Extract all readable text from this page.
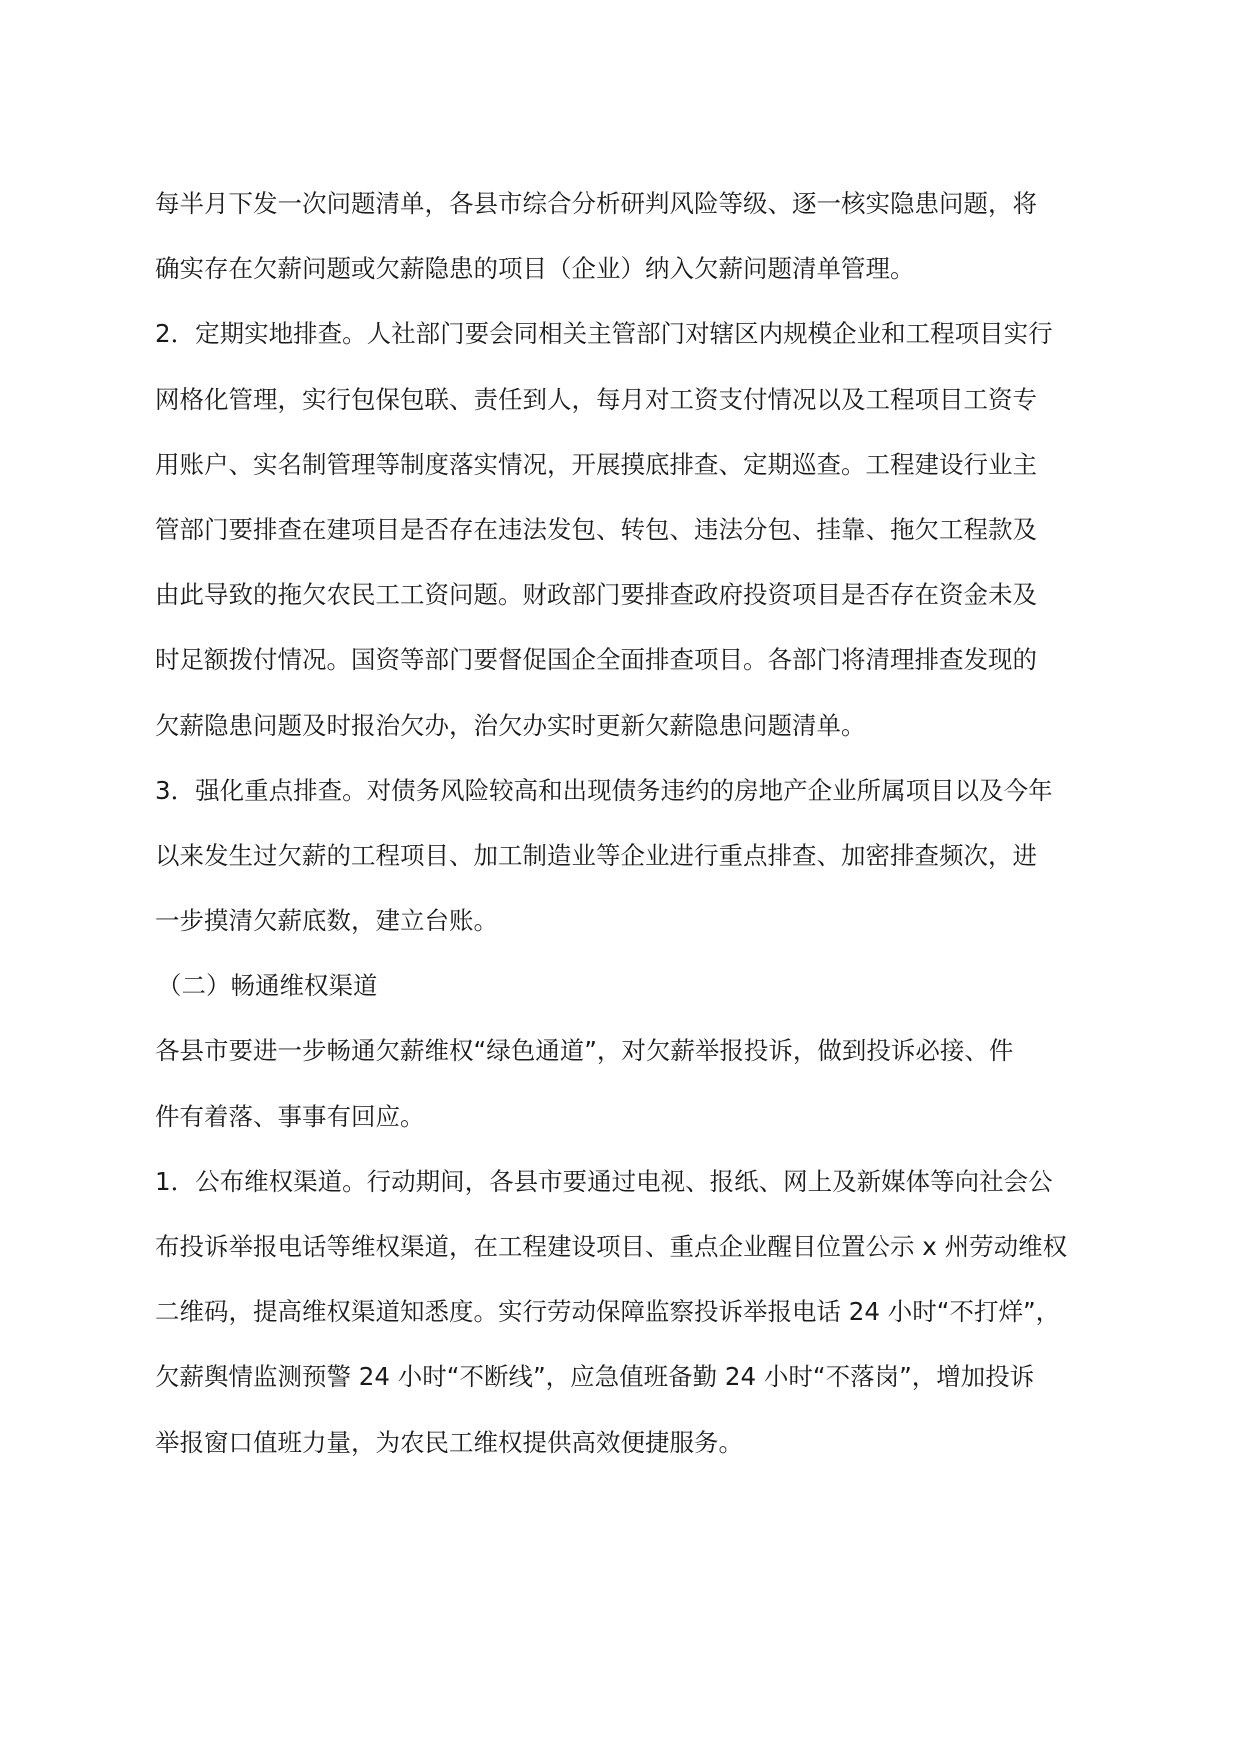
每半月下发一次问题清单，各县市综合分析研判风险等级、逐一核实隐患问题，将
确实存在欠薪问题或欠薪隐患的项目（企业）纳入欠薪问题清单管理。
2．定期实地排查。人社部门要会同相关主管部门对辖区内规模企业和工程项目实行
网格化管理，实行包保包联、责任到人，每月对工资支付情况以及工程项目工资专
用账户、实名制管理等制度落实情况，开展摸底排查、定期巡查。工程建设行业主
管部门要排查在建项目是否存在违法发包、转包、违法分包、挂靠、拖欠工程款及
由此导致的拖欠农民工工资问题。财政部门要排查政府投资项目是否存在资金未及
时足额拨付情况。国资等部门要督促国企全面排查项目。各部门将清理排查发现的
欠薪隐患问题及时报治欠办，治欠办实时更新欠薪隐患问题清单。
3．强化重点排查。对债务风险较高和出现债务违约的房地产企业所属项目以及今年
以来发生过欠薪的工程项目、加工制造业等企业进行重点排查、加密排查频次，进
一步摸清欠薪底数，建立台账。
（二）畅通维权渠道
各县市要进一步畅通欠薪维权“绿色通道”，对欠薪举报投诉，做到投诉必接、件
件有着落、事事有回应。
1．公布维权渠道。行动期间，各县市要通过电视、报纸、网上及新媒体等向社会公
布投诉举报电话等维权渠道，在工程建设项目、重点企业醒目位置公示 x 州劳动维权
二维码，提高维权渠道知悉度。实行劳动保障监察投诉举报电话 24 小时“不打烊”，
欠薪舆情监测预警 24 小时“不断线”，应急值班备勤 24 小时“不落岗”，增加投诉
举报窗口值班力量，为农民工维权提供高效便捷服务。
